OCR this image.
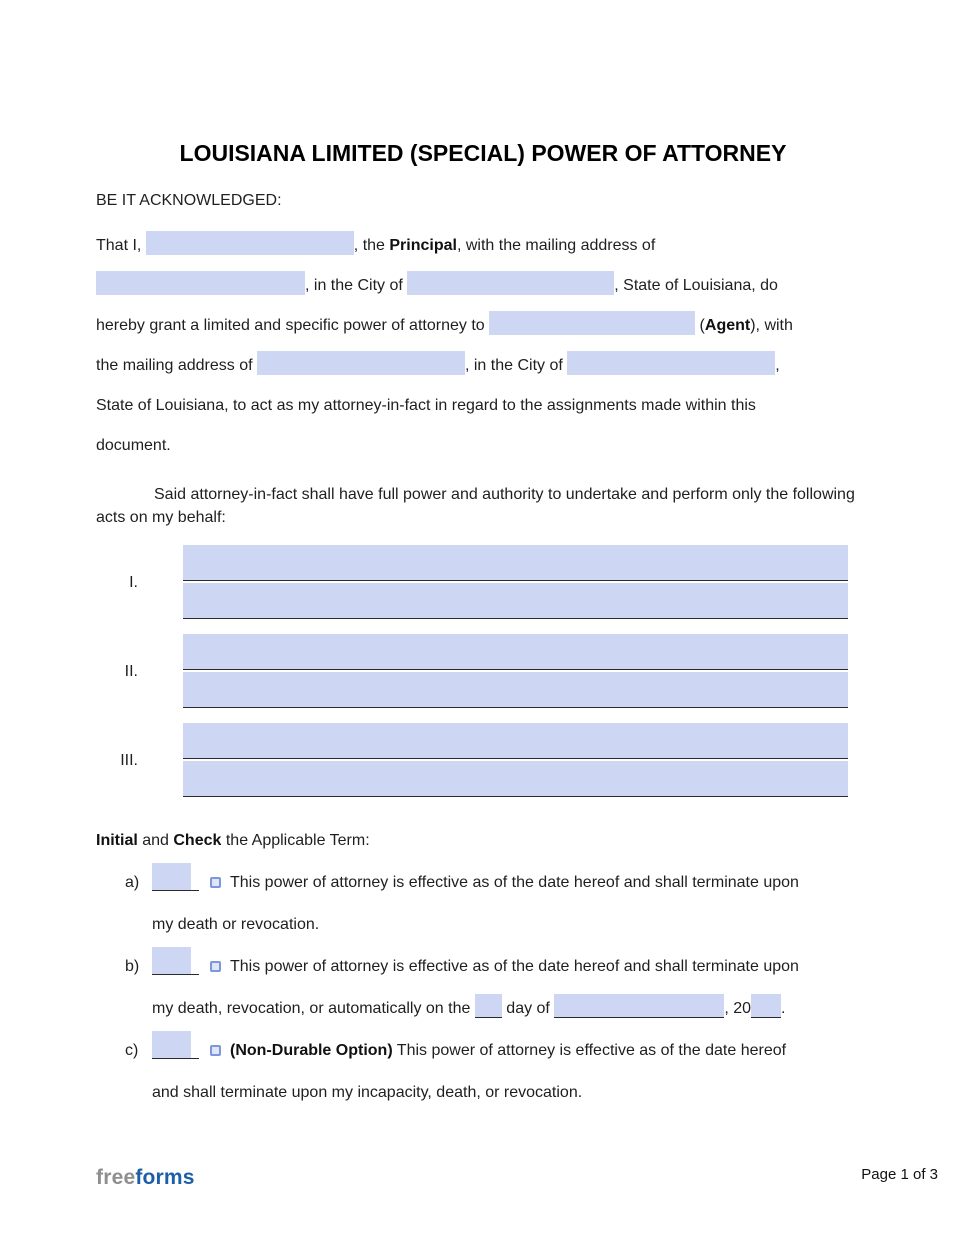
LOUISIANA LIMITED (SPECIAL) POWER OF ATTORNEY
BE IT ACKNOWLEDGED:
That I,	, the Principal, with the mailing address of
, in the City of	, State of Louisiana, do
hereby grant a limited and specific power of attorney to	(Agent), with
the mailing address of	, in the City of	,
State of Louisiana, to act as my attorney-in-fact in regard to the assignments made within this
document.

Said attorney-in-fact shall have full power and authority to undertake and perform only the following acts on my behalf:

I.
II.
III.
Initial and Check the Applicable Term:
a)	This power of attorney is effective as of the date hereof and shall terminate upon
my death or revocation.
b)	This power of attorney is effective as of the date hereof and shall terminate upon
my death, revocation, or automatically on the  day of	, 20 .
c)	(Non-Durable Option) This power of attorney is effective as of the date hereof
and shall terminate upon my incapacity, death, or revocation.
freeforms	Page 1 of 3
